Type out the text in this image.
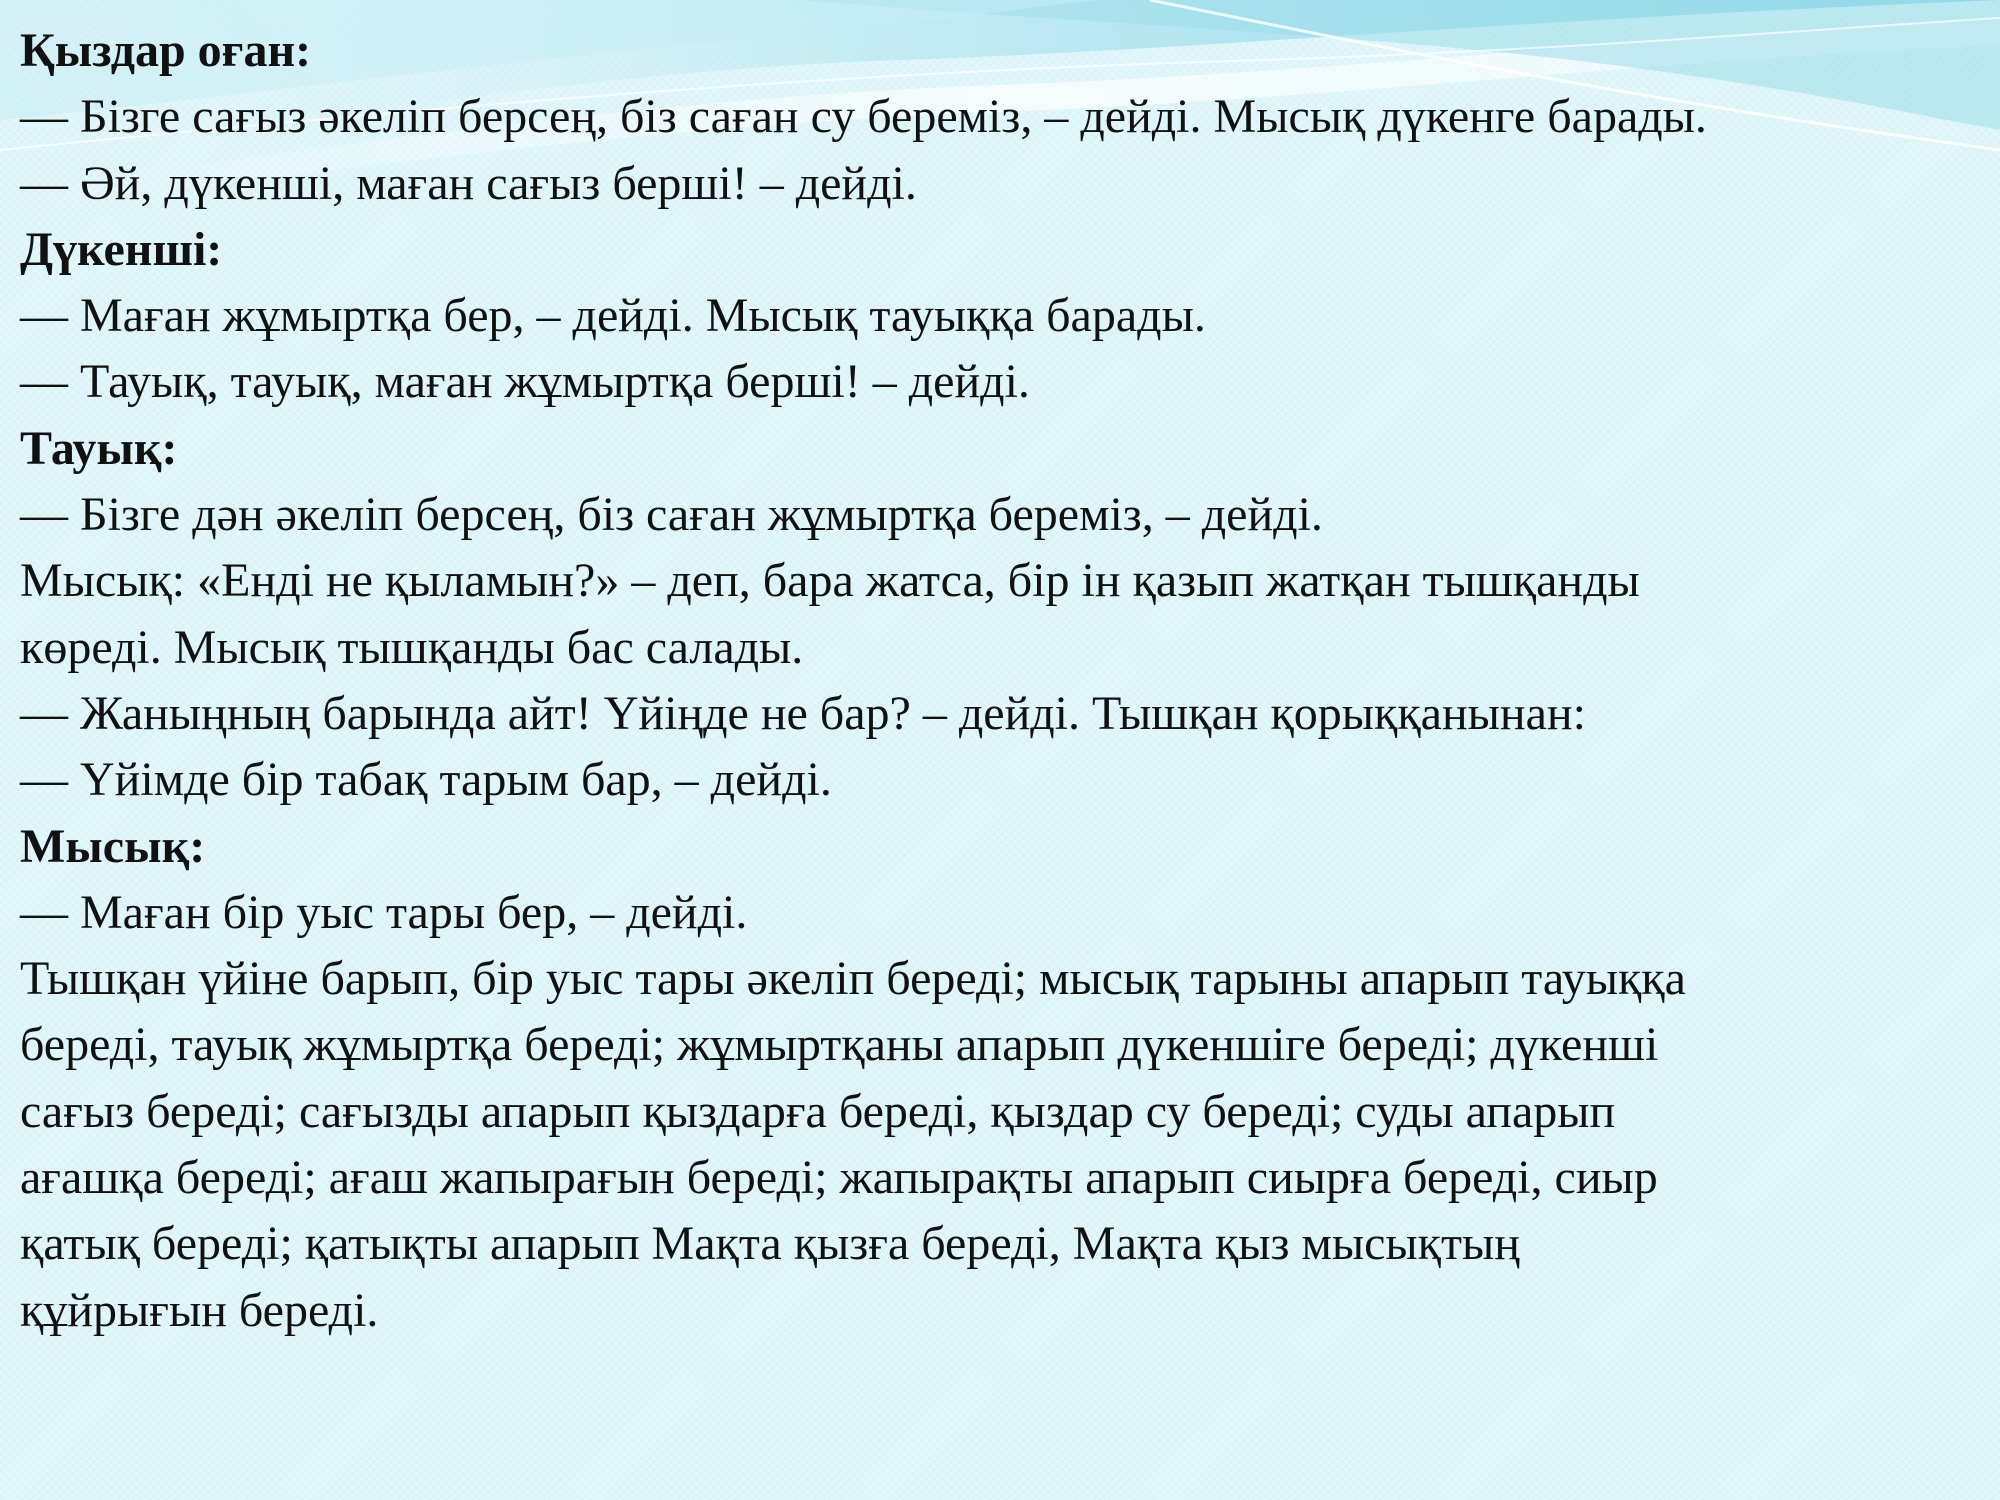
Қыздар оған:
— Бізге сағыз әкеліп берсең, біз саған су береміз, – дейді. Мысық дүкенге барады.
— Әй, дүкенші, маған сағыз берші! – дейді.
Дүкенші:
— Маған жұмыртқа бер, – дейді. Мысық тауыққа барады.
— Тауық, тауық, маған жұмыртқа берші! – дейді.
Тауық:
— Бізге дән әкеліп берсең, біз саған жұмыртқа береміз, – дейді.
Мысық: «Енді не қыламын?» – деп, бара жатса, бір ін қазып жатқан тышқанды
көреді. Мысық тышқанды бас салады.
— Жаныңның барында айт! Үйіңде не бар? – дейді. Тышқан қорыққанынан:
— Үйімде бір табақ тарым бар, – дейді.
Мысық:
— Маған бір уыс тары бер, – дейді.
Тышқан үйіне барып, бір уыс тары әкеліп береді; мысық тарыны апарып тауыққа
береді, тауық жұмыртқа береді; жұмыртқаны апарып дүкеншіге береді; дүкенші
сағыз береді; сағызды апарып қыздарға береді, қыздар су береді; суды апарып
ағашқа береді; ағаш жапырағын береді; жапырақты апарып сиырға береді, сиыр
қатық береді; қатықты апарып Мақта қызға береді, Мақта қыз мысықтың
құйрығын береді.
